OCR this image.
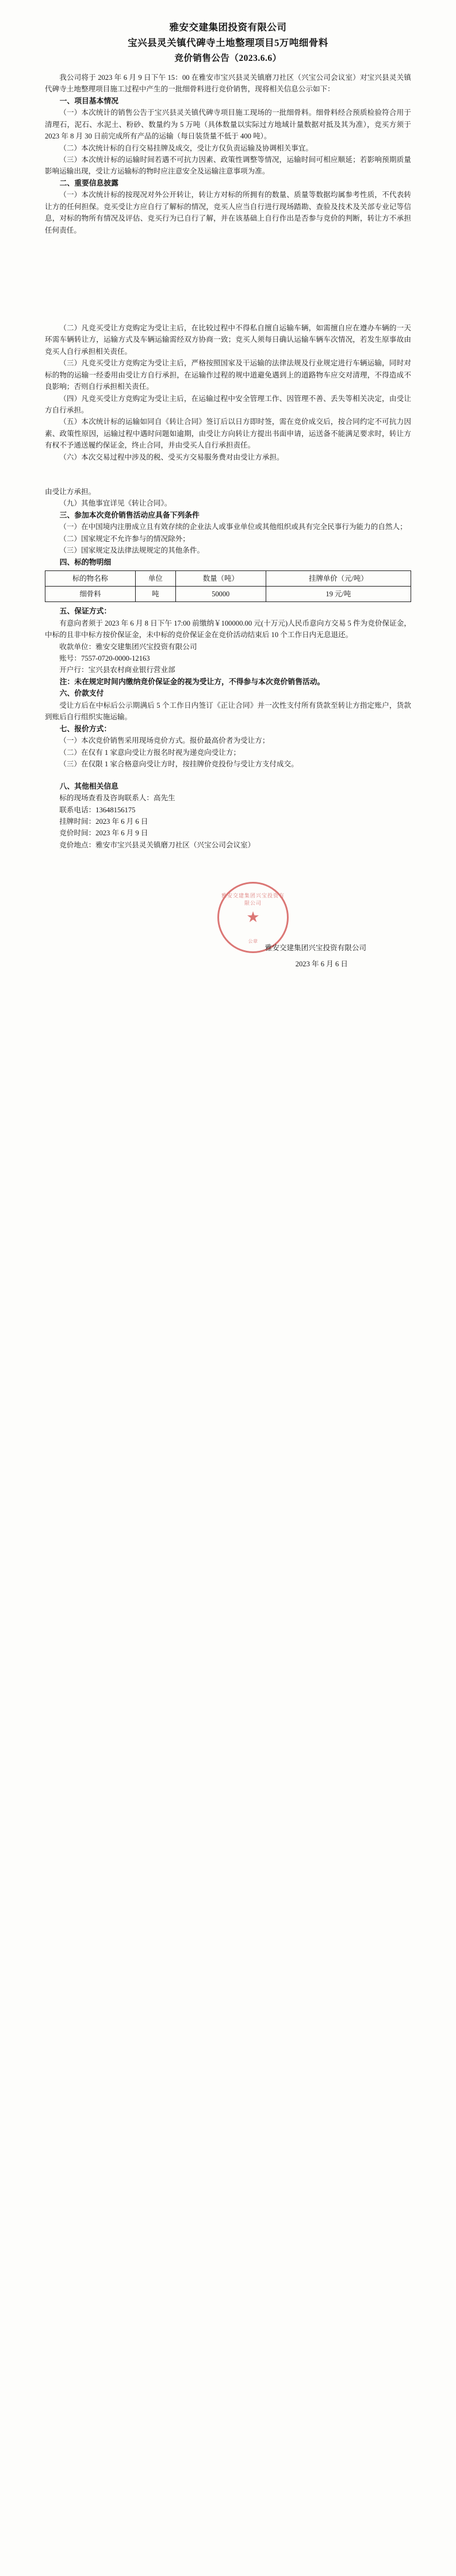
雅安交建集团投资有限公司
宝兴县灵关镇代碑寺土地整理项目5万吨细骨料
竞价销售公告（2023.6.6）

我公司将于 2023 年 6 月 9 日下午 15：00 在雅安市宝兴县灵关镇磨刀社区（兴宝公司会议室）对宝兴县灵关镇代碑寺土地整理项目施工过程中产生的一批细骨料进行竞价销售，现将相关信息公示如下：

一、项目基本情况

（一）本次统计的销售公告于宝兴县灵关镇代碑寺项目施工现场的一批细骨料。细骨料经合预质检验符合用于清理石，泥石、水泥土、粉砂、数量约为 5 万吨（具体数量以实际过方地域计量数据对抵及其为准），竞买方须于 2023 年 8 月 30 日前完成所有产品的运输（每日装货量不低于 400 吨）。

（二）本次统计标的自行交易挂牌及成交，受让方仅负责运输及协调相关事宜。

（三）本次统计标的运输时间若遇不可抗力因素、政策性调整等情况，运输时间可相应顺延；若影响预期质量影响运输出现，受让方运输标的物时应注意安全及运输注意事项为准。

二、重要信息披露

（一）本次统计标的按现况对外公开转让，转让方对标的所拥有的数量、质量等数据均属参考性质，不代表转让方的任何担保。竞买受让方应自行了解标的情况，竞买人应当自行进行现场踏勘、查验及技术及关部专业记等信息，对标的物所有情况及评估、竞买行为已自行了解，并在该基础上自行作出是否参与竞价的判断，转让方不承担任何责任。

（二）凡竞买受让方竞购定为受让主后，在比较过程中不得私自擅自运输车辆，如需擅自应在遵办车辆的一天环需车辆转让方，运输方式及车辆运输需经双方协商一致；竞买人须每日确认运输车辆车次情况，若发生原事故由竞买人自行承担相关责任。

（三）凡竞买受让方竞购定为受让主后，严格按照国家及干运输的法律法规及行业规定进行车辆运输，同时对标的物的运输一经委用由受让方自行承担，在运输作过程的规中道避免遇到上的道路物车应交对清理，不得造成不良影响；否则自行承担相关责任。

（四）凡竞买受让方竞购定为受让主后，在运输过程中安全管理工作、因管理不善、丢失等相关决定，由受让方自行承担。

（五）本次统计标的运输如同自《转让合同》签订后以日方即时签，需在竞价成交后，按合同约定不可抗力因素、政策性原因，运输过程中遇时问题如逾期，由受让方向转让方提出书面申请，运送备不能满足要求时，转让方有权不予通送履约保证金，终止合同，并由受买人自行承担责任。

（六）本次交易过程中涉及的税、受买方交易服务费对由受让方承担。

由受让方承担。

（九）其他事宜详见《转让合同》。

三、参加本次竞价销售活动应具备下列条件

（一）在中国境内注册成立且有效存续的企业法人或事业单位或其他组织或具有完全民事行为能力的自然人；

（二）国家规定不允许参与的情况除外；

（三）国家规定及法律法规规定的其他条件。

四、标的物明细

标的物名称	单位	数量（吨）	挂牌单价（元/吨）
细骨料	吨	50000	19 元/吨

五、保证方式：

有意向者须于 2023 年 6 月 8 日下午 17:00 前缴纳￥100000.00 元(十万元)人民币意向方交易 5 件为竞价保证金，中标的且非中标方按价保证金，未中标的竞价保证金在竞价活动结束后 10 个工作日内无息退还。

收款单位：雅安交建集团兴宝投资有限公司

账号：7557-0720-0000-12163

开户行：宝兴县农村商业银行营业部

注：未在规定时间内缴纳竞价保证金的视为受让方，不得参与本次竞价销售活动。

六、价款支付

受让方后在中标后公示期满后 5 个工作日内签订《正让合同》并一次性支付所有货款至转让方指定账户，货款到账后自行组织实施运输。

七、报价方式：

（一）本次竞价销售采用现场竞价方式。报价最高价者为受让方；

（二）在仅有 1 家意向受让方报名时视为递竞向受让方；

（三）在仅限 1 家合格意向受让方时，按挂牌价竞投份与受让方支付成交。

八、其他相关信息

标的现场查看及咨询联系人：高先生

联系电话：13648156175

挂牌时间：2023 年 6 月 6 日

竞价时间：2023 年 6 月 9 日

竞价地点：雅安市宝兴县灵关镇磨刀社区（兴宝公司会议室）

雅安交建集团兴宝投资有限公司
★
公章
雅安交建集团兴宝投资有限公司
2023 年 6 月 6 日
